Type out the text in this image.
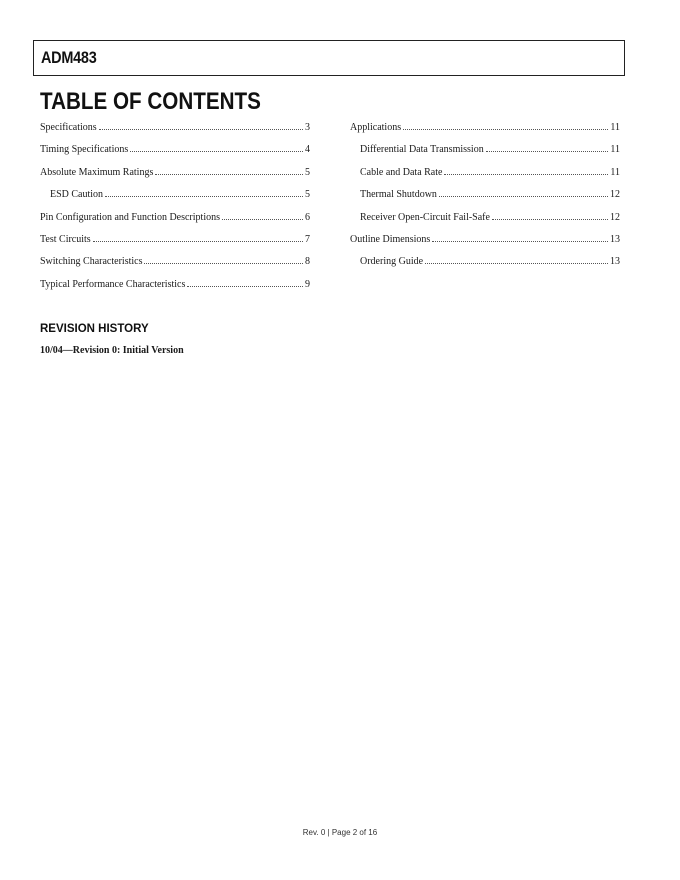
ADM483
TABLE OF CONTENTS
Specifications	3
Timing Specifications	4
Absolute Maximum Ratings	5
ESD Caution	5
Pin Configuration and Function Descriptions	6
Test Circuits	7
Switching Characteristics	8
Typical Performance Characteristics	9
Applications	11
Differential Data Transmission	11
Cable and Data Rate	11
Thermal Shutdown	12
Receiver Open-Circuit Fail-Safe	12
Outline Dimensions	13
Ordering Guide	13
REVISION HISTORY
10/04—Revision 0: Initial Version
Rev. 0 | Page 2 of 16
